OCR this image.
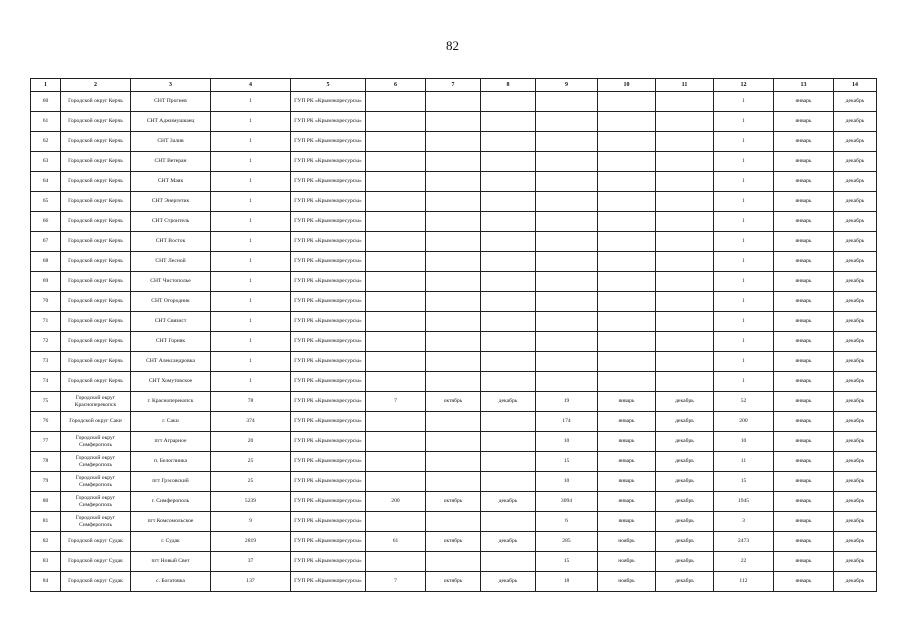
82
1	2	3	4	5	6	7	8	9	10	11	12	13	14
60	Городской округ Керчь	СНТ Прогиев	1	ГУП РК «Крымэкоресурсы»							1	январь	декабрь
61	Городской округ Керчь	СНТ Аджимушкаец	1	ГУП РК «Крымэкоресурсы»							1	январь	декабрь
62	Городской округ Керчь	СНТ Залив	1	ГУП РК «Крымэкоресурсы»							1	январь	декабрь
63	Городской округ Керчь	СНТ Ветеран	1	ГУП РК «Крымэкоресурсы»							1	январь	декабрь
64	Городской округ Керчь	СНТ Маяк	1	ГУП РК «Крымэкоресурсы»							1	январь	декабрь
65	Городской округ Керчь	СНТ Энергетик	1	ГУП РК «Крымэкоресурсы»							1	январь	декабрь
66	Городской округ Керчь	СНТ Строитель	1	ГУП РК «Крымэкоресурсы»							1	январь	декабрь
67	Городской округ Керчь	СНТ Восток	1	ГУП РК «Крымэкоресурсы»							1	январь	декабрь
68	Городской округ Керчь	СНТ Лесной	1	ГУП РК «Крымэкоресурсы»							1	январь	декабрь
69	Городской округ Керчь	СНТ Чистополье	1	ГУП РК «Крымэкоресурсы»							1	январь	декабрь
70	Городской округ Керчь	СНТ Огородник	1	ГУП РК «Крымэкоресурсы»							1	январь	декабрь
71	Городской округ Керчь	СНТ Связист	1	ГУП РК «Крымэкоресурсы»							1	январь	декабрь
72	Городской округ Керчь	СНТ Горняк	1	ГУП РК «Крымэкоресурсы»							1	январь	декабрь
73	Городской округ Керчь	СНТ Александровка	1	ГУП РК «Крымэкоресурсы»							1	январь	декабрь
74	Городской округ Керчь	СНТ Хомутовское	1	ГУП РК «Крымэкоресурсы»							1	январь	декабрь
75	Городской округ Красноперекопск	г. Красноперекопск	78	ГУП РК «Крымэкоресурсы»	7	октябрь	декабрь	19	январь	декабрь	52	январь	декабрь
76	Городской округ Саки	г. Саки	374	ГУП РК «Крымэкоресурсы»				174	январь	декабрь	200	январь	декабрь
77	Городской округ Симферополь	пгт Аграрное	20	ГУП РК «Крымэкоресурсы»				10	январь	декабрь	10	январь	декабрь
78	Городской округ Симферополь	п. Белоглинка	25	ГУП РК «Крымэкоресурсы»				15	январь	декабрь	11	январь	декабрь
79	Городской округ Симферополь	пгт Грэсовский	25	ГУП РК «Крымэкоресурсы»				10	январь	декабрь	15	январь	декабрь
80	Городской округ Симферополь	г. Симферополь	5239	ГУП РК «Крымэкоресурсы»	200	октябрь	декабрь	3094	январь	декабрь	1945	январь	декабрь
81	Городской округ Симферополь	пгт Комсомольское	9	ГУП РК «Крымэкоресурсы»				6	январь	декабрь	3	январь	декабрь
82	Городской округ Судак	г. Судак	2819	ГУП РК «Крымэкоресурсы»	61	октябрь	декабрь	285	ноябрь	декабрь	2473	январь	декабрь
83	Городской округ Судак	пгт Новый Свет	37	ГУП РК «Крымэкоресурсы»				15	ноябрь	декабрь	22	январь	декабрь
84	Городской округ Судак	с. Богатовка	137	ГУП РК «Крымэкоресурсы»	7	октябрь	декабрь	18	ноябрь	декабрь	112	январь	декабрь
